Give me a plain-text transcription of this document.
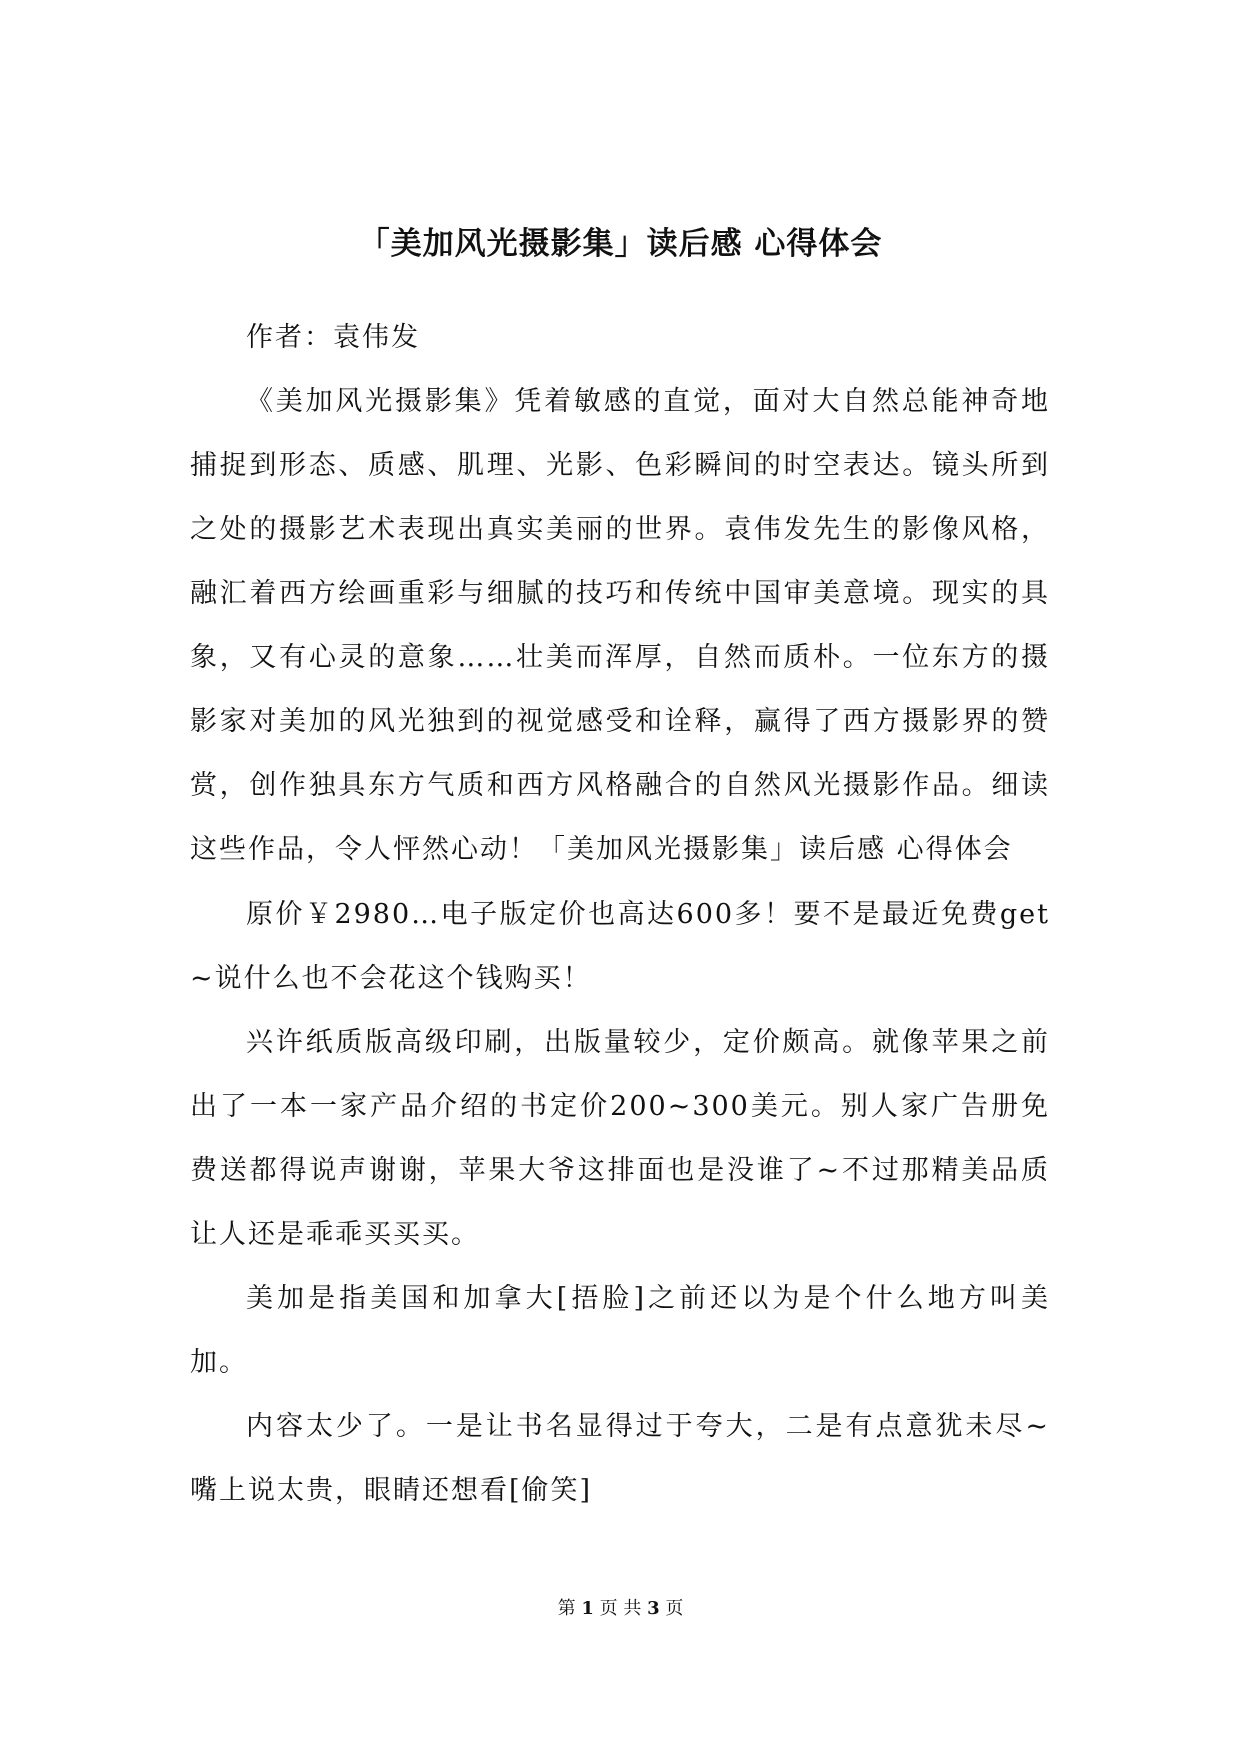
「美加风光摄影集」读后感 心得体会

作者：袁伟发

《美加风光摄影集》凭着敏感的直觉，面对大自然总能神奇地捕捉到形态、质感、肌理、光影、色彩瞬间的时空表达。镜头所到之处的摄影艺术表现出真实美丽的世界。袁伟发先生的影像风格，融汇着西方绘画重彩与细腻的技巧和传统中国审美意境。现实的具象，又有心灵的意象……壮美而浑厚，自然而质朴。一位东方的摄影家对美加的风光独到的视觉感受和诠释，赢得了西方摄影界的赞赏，创作独具东方气质和西方风格融合的自然风光摄影作品。细读这些作品，令人怦然心动！「美加风光摄影集」读后感 心得体会

原价￥2980…电子版定价也高达600多！要不是最近免费get~说什么也不会花这个钱购买！

兴许纸质版高级印刷，出版量较少，定价颇高。就像苹果之前出了一本一家产品介绍的书定价200~300美元。别人家广告册免费送都得说声谢谢，苹果大爷这排面也是没谁了~不过那精美品质让人还是乖乖买买买。

美加是指美国和加拿大[捂脸]之前还以为是个什么地方叫美加。

内容太少了。一是让书名显得过于夸大，二是有点意犹未尽~嘴上说太贵，眼睛还想看[偷笑]

第 1 页 共 3 页
